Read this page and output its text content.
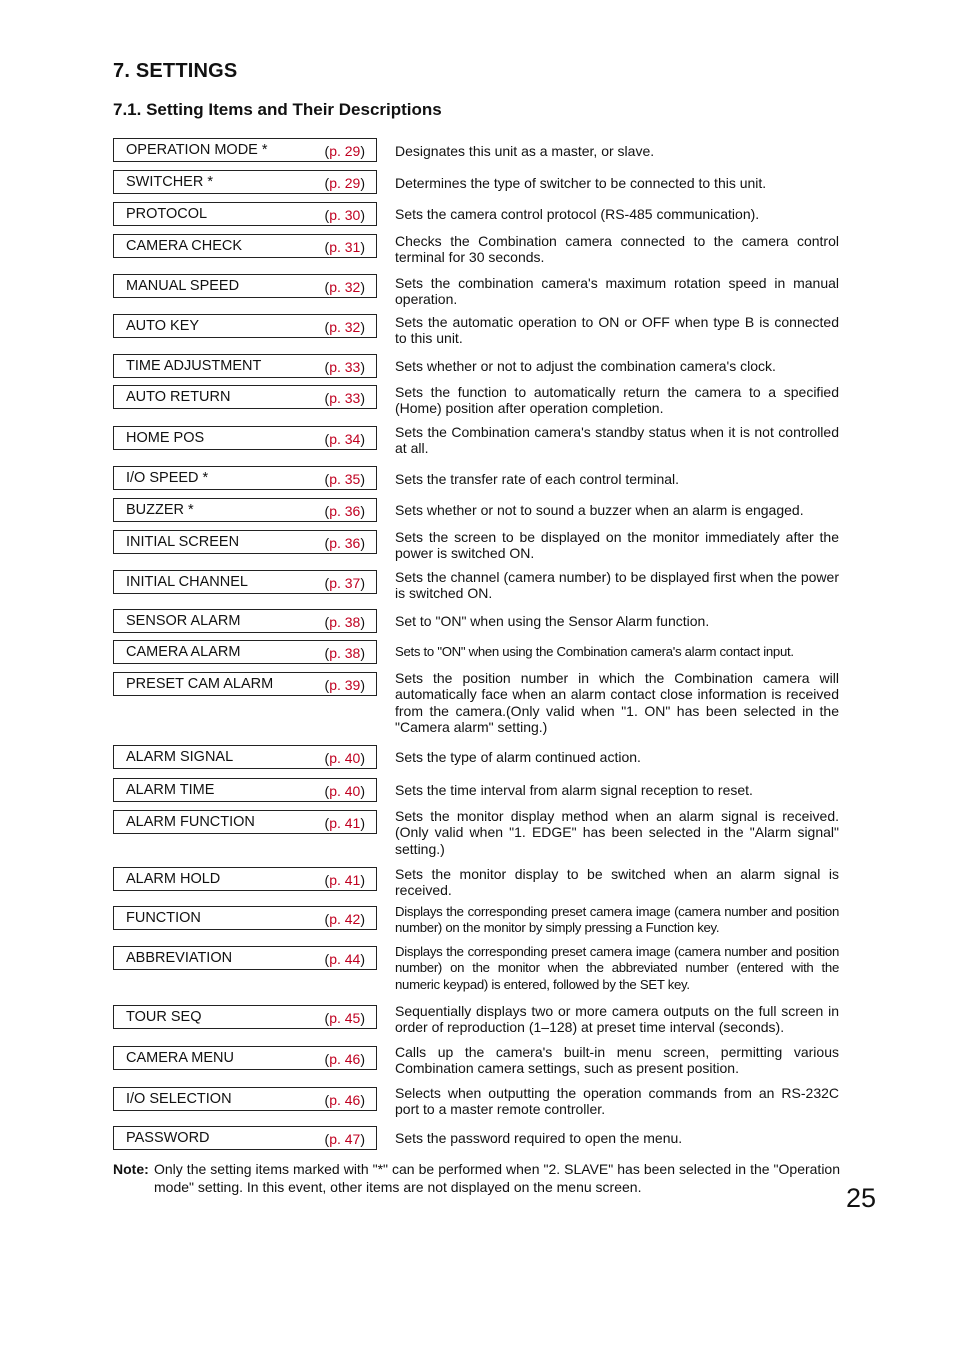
7. SETTINGS
7.1. Setting Items and Their Descriptions
OPERATION MODE *	(p. 29) Designates this unit as a master, or slave.
SWITCHER *	(p. 29) Determines the type of switcher to be connected to this unit.
PROTOCOL	(p. 30) Sets the camera control protocol (RS-485 communication).
CAMERA CHECK	(p. 31) Checks the Combination camera connected to the camera control terminal for 30 seconds.
MANUAL SPEED	(p. 32) Sets the combination camera's maximum rotation speed in manual operation.
AUTO KEY	(p. 32) Sets the automatic operation to ON or OFF when type B is connected to this unit.
TIME ADJUSTMENT	(p. 33) Sets whether or not to adjust the combination camera's clock.
AUTO RETURN	(p. 33) Sets the function to automatically return the camera to a specified (Home) position after operation completion.
HOME POS	(p. 34) Sets the Combination camera's standby status when it is not controlled at all.
I/O SPEED *	(p. 35) Sets the transfer rate of each control terminal.
BUZZER *	(p. 36) Sets whether or not to sound a buzzer when an alarm is engaged.
INITIAL SCREEN	(p. 36) Sets the screen to be displayed on the monitor immediately after the power is switched ON.
INITIAL CHANNEL	(p. 37) Sets the channel (camera number) to be displayed first when the power is switched ON.
SENSOR ALARM	(p. 38) Set to "ON" when using the Sensor Alarm function.
CAMERA ALARM	(p. 38) Sets to "ON" when using the Combination camera's alarm contact input.
PRESET CAM ALARM	(p. 39) Sets the position number in which the Combination camera will automatically face when an alarm contact close information is received from the camera.(Only valid when "1. ON" has been selected in the "Camera alarm" setting.)
ALARM SIGNAL	(p. 40) Sets the type of alarm continued action.
ALARM TIME	(p. 40) Sets the time interval from alarm signal reception to reset.
ALARM FUNCTION	(p. 41) Sets the monitor display method when an alarm signal is received.(Only valid when "1. EDGE" has been selected in the "Alarm signal" setting.)
ALARM HOLD	(p. 41) Sets the monitor display to be switched when an alarm signal is received.
FUNCTION	(p. 42) Displays the corresponding preset camera image (camera number and position number) on the monitor by simply pressing a Function key.
ABBREVIATION	(p. 44) Displays the corresponding preset camera image (camera number and position number) on the monitor when the abbreviated number (entered with the numeric keypad) is entered, followed by the SET key.
TOUR SEQ	(p. 45) Sequentially displays two or more camera outputs on the full screen in order of reproduction (1–128) at preset time interval (seconds).
CAMERA MENU	(p. 46) Calls up the camera's built-in menu screen, permitting various Combination camera settings, such as present position.
I/O SELECTION	(p. 46) Selects when outputting the operation commands from an RS-232C port to a master remote controller.
PASSWORD	(p. 47) Sets the password required to open the menu.
Note: Only the setting items marked with "*" can be performed when "2. SLAVE" has been selected in the "Operation mode" setting. In this event, other items are not displayed on the menu screen.	25
